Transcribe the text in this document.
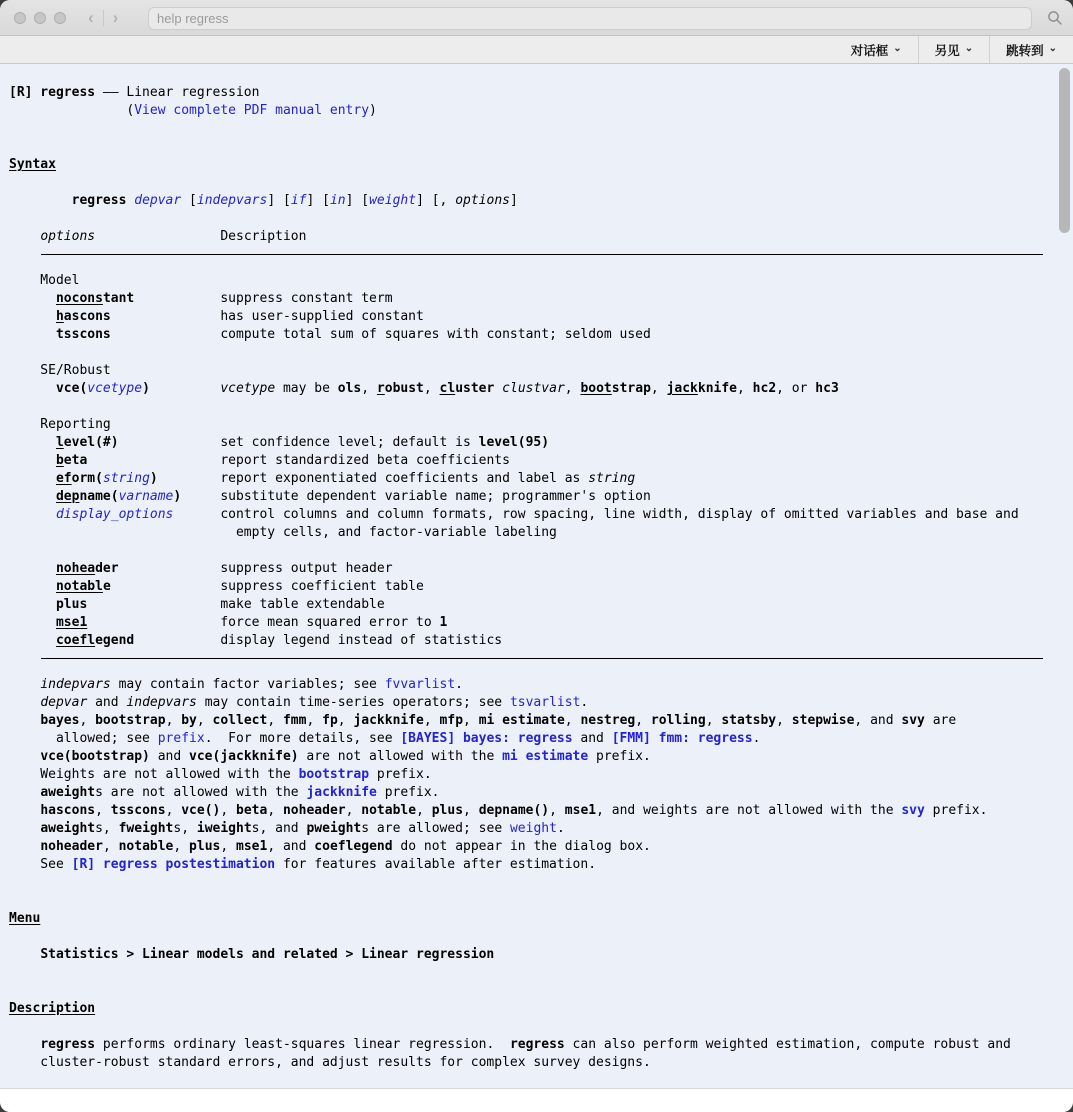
‹ ›
help regress
对话框 ⌄	另见 ⌄	跳转到 ⌄
[R] regress —— Linear regression
(View complete PDF manual entry)
Syntax
regress depvar [indepvars] [if] [in] [weight] [, options]
options	Description
Model
noconstant	suppress constant term
hascons	has user-supplied constant
tsscons	compute total sum of squares with constant; seldom used
SE/Robust
vce(vcetype)	vcetype may be ols, robust, cluster clustvar, bootstrap, jackknife, hc2, or hc3
Reporting
level(#)	set confidence level; default is level(95)
beta	report standardized beta coefficients
eform(string)	report exponentiated coefficients and label as string
depname(varname)	substitute dependent variable name; programmer's option
display_options	control columns and column formats, row spacing, line width, display of omitted variables and base and
empty cells, and factor-variable labeling
noheader	suppress output header
notable	suppress coefficient table
plus	make table extendable
mse1	force mean squared error to 1
coeflegend	display legend instead of statistics
indepvars may contain factor variables; see fvvarlist.
depvar and indepvars may contain time-series operators; see tsvarlist.
bayes, bootstrap, by, collect, fmm, fp, jackknife, mfp, mi estimate, nestreg, rolling, statsby, stepwise, and svy are
allowed; see prefix.  For more details, see [BAYES] bayes: regress and [FMM] fmm: regress.
vce(bootstrap) and vce(jackknife) are not allowed with the mi estimate prefix.
Weights are not allowed with the bootstrap prefix.
aweights are not allowed with the jackknife prefix.
hascons, tsscons, vce(), beta, noheader, notable, plus, depname(), mse1, and weights are not allowed with the svy prefix.
aweights, fweights, iweights, and pweights are allowed; see weight.
noheader, notable, plus, mse1, and coeflegend do not appear in the dialog box.
See [R] regress postestimation for features available after estimation.
Menu
Statistics > Linear models and related > Linear regression
Description
regress performs ordinary least-squares linear regression.  regress can also perform weighted estimation, compute robust and
cluster-robust standard errors, and adjust results for complex survey designs.
